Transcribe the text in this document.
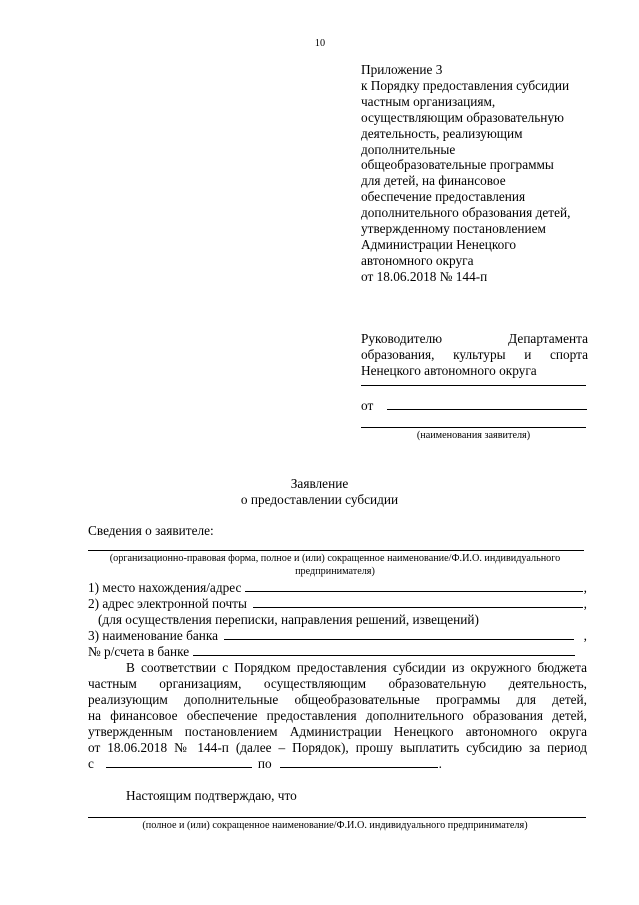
10
Приложение 3
к Порядку предоставления субсидии
частным организациям,
осуществляющим образовательную
деятельность, реализующим
дополнительные
общеобразовательные программы
для детей, на финансовое
обеспечение предоставления
дополнительного образования детей,
утвержденному постановлением
Администрации Ненецкого
автономного округа
от 18.06.2018 № 144-п
Руководителю Департамента
образования, культуры и спорта
Ненецкого автономного округа
от
(наименования заявителя)
Заявление
о предоставлении субсидии
Сведения о заявителе:
(организационно-правовая форма, полное и (или) сокращенное наименование/Ф.И.О. индивидуального
предпринимателя)
1) место нахождения/адрес	,
2) адрес электронной почты	,
(для осуществления переписки, направления решений, извещений)
3) наименование банка	,
№ р/счета в банке
В соответствии с Порядком предоставления субсидии из окружного бюджета
частным организациям, осуществляющим образовательную деятельность,
реализующим дополнительные общеобразовательные программы для детей,
на финансовое обеспечение предоставления дополнительного образования детей,
утвержденным постановлением Администрации Ненецкого автономного округа
от 18.06.2018 № 144-п (далее – Порядок), прошу выплатить субсидию за период
с	по	.
Настоящим подтверждаю, что
(полное и (или) сокращенное наименование/Ф.И.О. индивидуального предпринимателя)
